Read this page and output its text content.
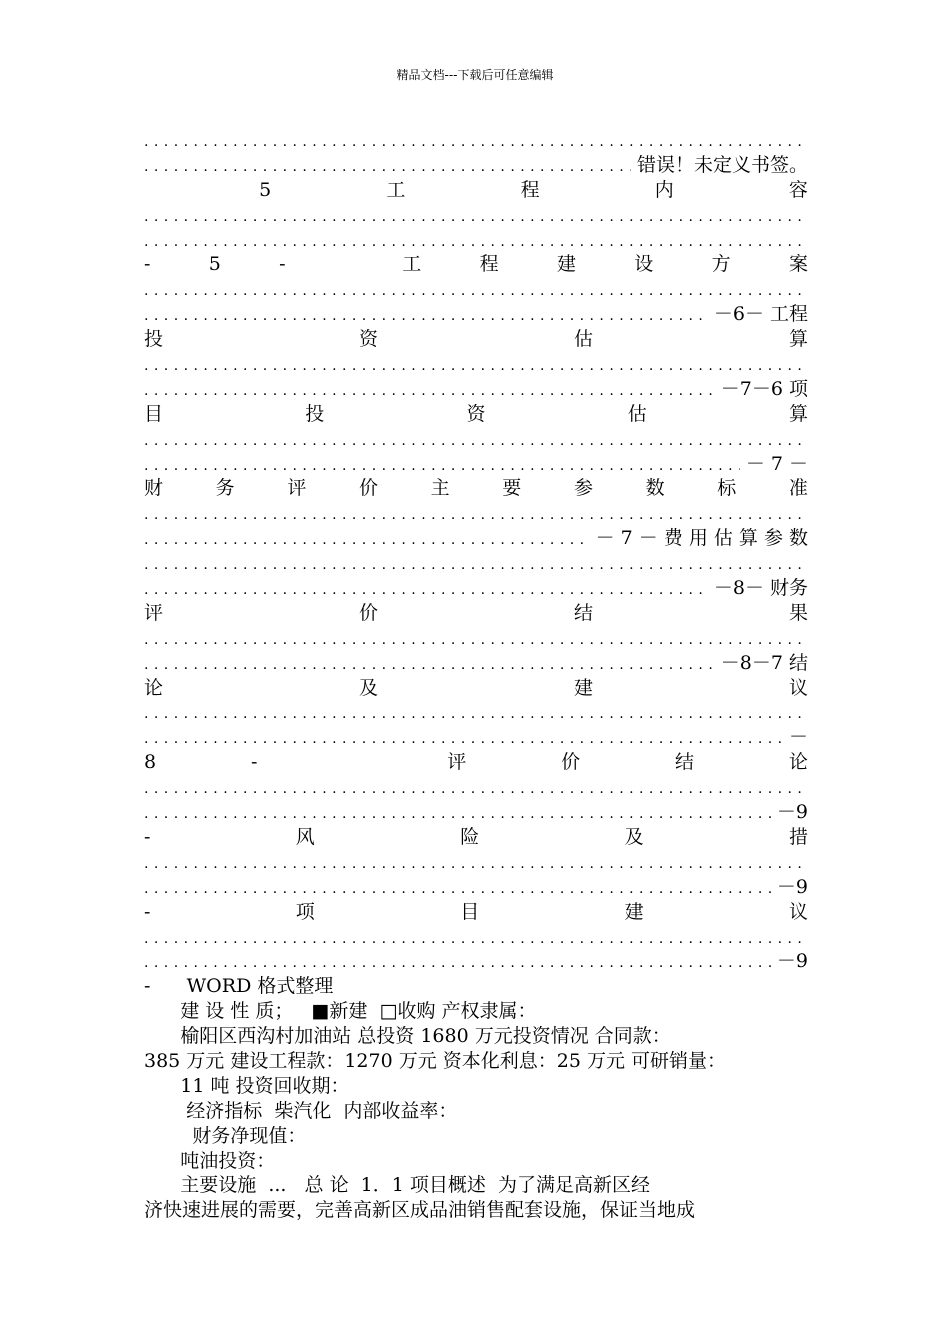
精品文档---下载后可任意编辑
. . .
. . .
错误！未定义书签。
5	工	程	内	容
. . .
. . .
-	5	-	工	程	建	设	方	案
. . .
. . .
－6－ 工程
投	资	估	算
. . .
. . .
－7－6 项
目	投	资	估	算
. . .
. . .
－ 7 －
财	务	评	价	主	要	参	数	标	准
. . .
. . .
－ 7 － 费 用 估 算 参 数
. . .
. . .
－8－ 财务
评	价	结	果
. . .
. . .
－8－7 结
论	及	建	议
. . .
. . .
－
8	-	评	价	结	论
. . .
. . .
－9
-	风	险	及	措
. . .
. . .
－9
-	项	目	建	议
. . .
. . .
－9
-      WORD 格式整理
建 设 性 质；   ■新建  □收购 产权隶属：
榆阳区西沟村加油站 总投资 1680 万元投资情况 合同款：
385 万元 建设工程款：1270 万元 资本化利息：25 万元 可研销量：
11 吨 投资回收期：
经济指标  柴汽化  内部收益率：
财务净现值：
吨油投资：
主要设施  ...   总 论  1．1 项目概述  为了满足高新区经
济快速进展的需要，完善高新区成品油销售配套设施，保证当地成
